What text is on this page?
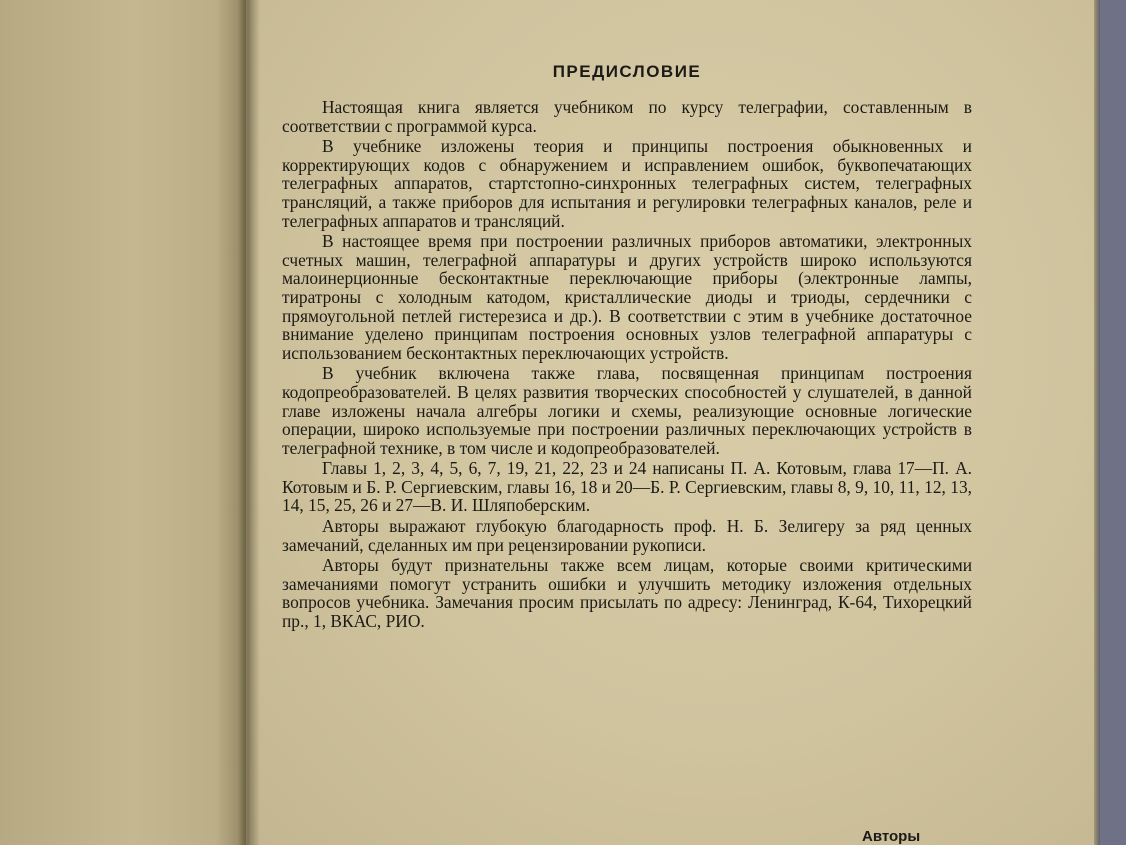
ПРЕДИСЛОВИЕ

Настоящая книга является учебником по курсу телеграфии, составленным в соответствии с программой курса.

В учебнике изложены теория и принципы построения обыкновенных и корректирующих кодов с обнаружением и исправлением ошибок, буквопечатающих телеграфных аппаратов, стартстопно-синхронных телеграфных систем, телеграфных трансляций, а также приборов для испытания и регулировки телеграфных каналов, реле и телеграфных аппаратов и трансляций.

В настоящее время при построении различных приборов автоматики, электронных счетных машин, телеграфной аппаратуры и других устройств широко используются малоинерционные бесконтактные переключающие приборы (электронные лампы, тиратроны с холодным катодом, кристаллические диоды и триоды, сердечники с прямоугольной петлей гистерезиса и др.). В соответствии с этим в учебнике достаточное внимание уделено принципам построения основных узлов телеграфной аппаратуры с использованием бесконтактных переключающих устройств.

В учебник включена также глава, посвященная принципам построения кодопреобразователей. В целях развития творческих способностей у слушателей, в данной главе изложены начала алгебры логики и схемы, реализующие основные логические операции, широко используемые при построении различных переключающих устройств в телеграфной технике, в том числе и кодопреобразователей.

Главы 1, 2, 3, 4, 5, 6, 7, 19, 21, 22, 23 и 24 написаны П. А. Котовым, глава 17—П. А. Котовым и Б. Р. Сергиевским, главы 16, 18 и 20—Б. Р. Сергиевским, главы 8, 9, 10, 11, 12, 13, 14, 15, 25, 26 и 27—В. И. Шляпоберским.

Авторы выражают глубокую благодарность проф. Н. Б. Зелигеру за ряд ценных замечаний, сделанных им при рецензировании рукописи.

Авторы будут признательны также всем лицам, которые своими критическими замечаниями помогут устранить ошибки и улучшить методику изложения отдельных вопросов учебника. Замечания просим присылать по адресу: Ленинград, К-64, Тихорецкий пр., 1, ВКАС, РИО.

Авторы
